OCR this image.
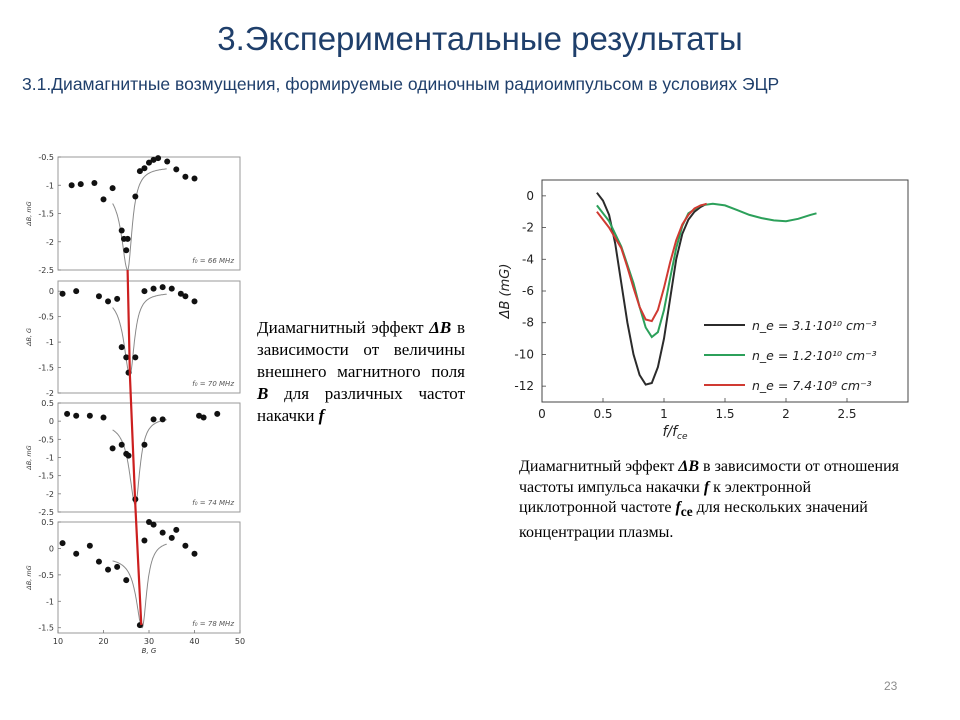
3.Экспериментальные результаты
3.1.Диамагнитные возмущения, формируемые одиночным радиоимпульсом в условиях ЭЦР
-0.5
-1
-1.5
-2
-2.5
ΔB, mG
f₀ = 66 MHz
0
-0.5
-1
-1.5
-2
ΔB, G
f₀ = 70 MHz
0.5
0
-0.5
-1
-1.5
-2
-2.5
ΔB, mG
f₀ = 74 MHz
0.5
0
-0.5
-1
-1.5
ΔB, mG
f₀ = 78 MHz
10	20	30	40	50
B, G
0
-2
-4
-6
-8
-10
-12
0	0.5	1	1.5	2	2.5
$f/f_{ce}$
ΔB (mG)
n_e = 3.1·10¹⁰ cm⁻³
n_e = 1.2·10¹⁰ cm⁻³
n_e = 7.4·10⁹ cm⁻³
Диамагнитный эффект ΔB в зависимости от величины внешнего магнитного поля B для различных частот накачки f
Диамагнитный эффект ΔB в зависимости от отношения частоты импульса накачки f к электронной циклотронной частоте $f_{ce}$ для нескольких значений концентрации плазмы.
23
